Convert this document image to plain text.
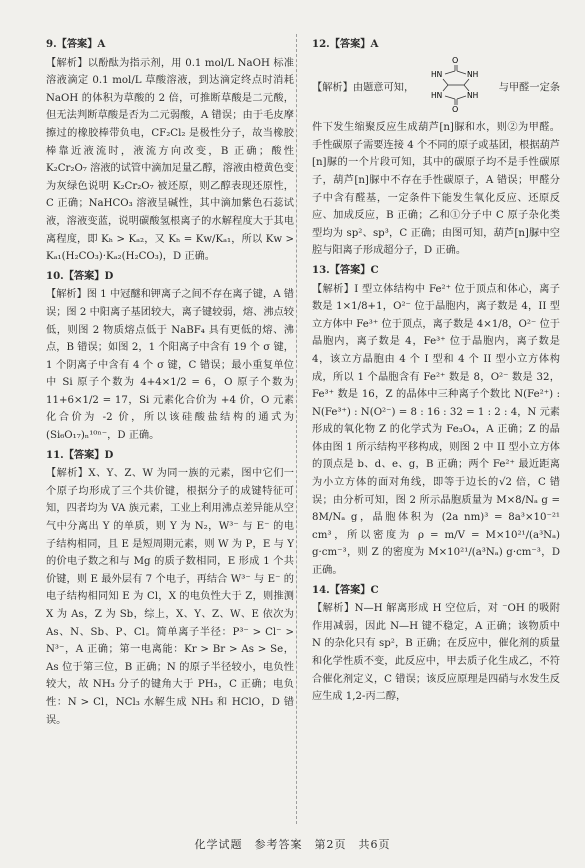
9.【答案】A
【解析】以酚酞为指示剂，用 0.1 mol/L NaOH 标准溶液滴定 0.1 mol/L 草酸溶液，到达滴定终点时消耗 NaOH 的体积为草酸的 2 倍，可推断草酸是二元酸，但无法判断草酸是否为二元弱酸，A 错误；由于毛皮摩擦过的橡胶棒带负电，CF₂Cl₂ 是极性分子，故当橡胶棒靠近液流时，液流方向改变，B 正确；酸性 K₂Cr₂O₇ 溶液的试管中滴加足量乙醇，溶液由橙黄色变为灰绿色说明 K₂Cr₂O₇ 被还原，则乙醇表现还原性，C 正确；NaHCO₃ 溶液呈碱性，其中滴加紫色石蕊试液，溶液变蓝，说明碳酸氢根离子的水解程度大于其电离程度，即 Kₕ > Kₐ₂，又 Kₕ = Kw/Kₐ₁，所以 Kw > Kₐ₁(H₂CO₃)·Kₐ₂(H₂CO₃)，D 正确。
10.【答案】D
【解析】图 1 中冠醚和钾离子之间不存在离子键，A 错误；图 2 中阳离子基团较大，离子键较弱，熔、沸点较低，则图 2 物质熔点低于 NaBF₄ 具有更低的熔、沸点，B 错误；如图 2，1 个阳离子中含有 19 个 σ 键，1 个阴离子中含有 4 个 σ 键，C 错误；最小重复单位中 Si 原子个数为 4+4×1/2 = 6，O 原子个数为 11+6×1/2 = 17，Si 元素化合价为 +4 价，O 元素化合价为 -2 价，所以该硅酸盐结构的通式为 (Si₆O₁₇)ₙ¹⁰ⁿ⁻，D 正确。
11.【答案】D
【解析】X、Y、Z、W 为同一族的元素，图中它们一个原子均形成了三个共价键，根据分子的成键特征可知，四者均为 VA 族元素，工业上利用沸点差异能从空气中分离出 Y 的单质，则 Y 为 N₂，W³⁻ 与 E⁻ 的电子结构相同，且 E 是短周期元素，则 W 为 P，E 与 Y 的价电子数之和与 Mg 的质子数相同，E 形成 1 个共价键，则 E 最外层有 7 个电子，再结合 W³⁻ 与 E⁻ 的电子结构相同知 E 为 Cl，X 的电负性大于 Z，则推测 X 为 As，Z 为 Sb，综上，X、Y、Z、W、E 依次为 As、N、Sb、P、Cl。简单离子半径：P³⁻ > Cl⁻ > N³⁻，A 正确；第一电离能：Kr > Br > As > Se，As 位于第三位，B 正确；N 的原子半径较小，电负性较大，故 NH₃ 分子的键角大于 PH₃，C 正确；电负性：N > Cl，NCl₃ 水解生成 NH₃ 和 HClO，D 错误。
12.【答案】A
【解析】由题意可知，
O
HN	NH
HN	NH
O
与甲醛一定条件下发生缩聚反应生成葫芦[n]脲和水，则②为甲醛。手性碳原子需要连接 4 个不同的原子或基团，根据葫芦[n]脲的一个片段可知，其中的碳原子均不是手性碳原子，葫芦[n]脲中不存在手性碳原子，A 错误；甲醛分子中含有醛基，一定条件下能发生氧化反应、还原反应、加成反应，B 正确；乙和①分子中 C 原子杂化类型均为 sp²、sp³，C 正确；由图可知，葫芦[n]脲中空腔与阳离子形成超分子，D 正确。
13.【答案】C
【解析】I 型立体结构中 Fe²⁺ 位于顶点和体心，离子数是 1×1/8+1，O²⁻ 位于晶胞内，离子数是 4，II 型立方体中 Fe³⁺ 位于顶点，离子数是 4×1/8，O²⁻ 位于晶胞内，离子数是 4，Fe³⁺ 位于晶胞内，离子数是 4，该立方晶胞由 4 个 I 型和 4 个 II 型小立方体构成，所以 1 个晶胞含有 Fe²⁺ 数是 8，O²⁻ 数是 32，Fe³⁺ 数是 16，Z 的晶体中三种离子个数比 N(Fe²⁺) : N(Fe³⁺) : N(O²⁻) = 8 : 16 : 32 = 1 : 2 : 4，N 元素形成的氧化物 Z 的化学式为 Fe₃O₄，A 正确；Z 的晶体由图 1 所示结构平移构成，则图 2 中 II 型小立方体的顶点是 b、d、e、g，B 正确；两个 Fe²⁺ 最近距离为小立方体的面对角线，即等于边长的√2 倍，C 错误；由分析可知，图 2 所示晶胞质量为 M×8/Nₐ g = 8M/Nₐ g，晶胞体积为 (2a nm)³ = 8a³×10⁻²¹ cm³，所以密度为 ρ = m/V = M×10²¹/(a³Nₐ) g·cm⁻³，则 Z 的密度为 M×10²¹/(a³Nₐ) g·cm⁻³，D 正确。
14.【答案】C
【解析】N—H 解离形成 H 空位后，对 ⁻OH 的吸附作用减弱，因此 N—H 键不稳定，A 正确；该物质中 N 的杂化只有 sp²，B 正确；在反应中，催化剂的质量和化学性质不变，此反应中，甲去质子化生成乙，不符合催化剂定义，C 错误；该反应原理是四硝与水发生反应生成 1,2-丙二醇，
化学试题　参考答案　第2页　共6页
